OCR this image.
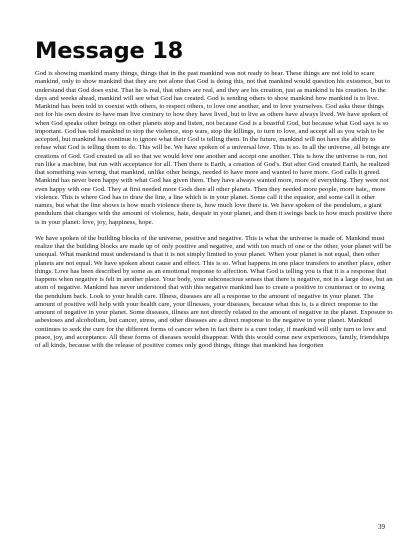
Message 18

God is showing mankind many things, things that in the past mankind was not ready to hear. These things are not told to scare mankind, only to show mankind that they are not alone that God is doing this, not that mankind would question his existence, but to understand that God does exist. That he is real, that others are real, and they are his creation, just as mankind is his creation. In the days and weeks ahead, mankind will see what God has created. God is sending others to show mankind how mankind is to live. Mankind has been told to coexist with others, to respect others, to love one another, and to love yourselves. God asks these things not for his own desire to have man live contrary to how they have lived, but to live as others have always lived. We have spoken of when God speaks other beings on other planets stop and listen, not because God is a boastful God, but because what God says is so important. God has told mankind to stop the violence, stop wars, stop the killings, to turn to love, and accept all as you wish to be accepted, but mankind has continue to ignore what their God is telling them. In the future, mankind will not have the ability to refuse what God is telling them to do. This will be. We have spoken of a universal love. This is so. In all the universe, all beings are creations of God. God created us all so that we would love one another and accept one another. This is how the universe is run, not run like a machine, but run with acceptance for all. Then there is Earth, a creation of God's. But after God created Earth, he realized that something was wrong, that mankind, unlike other beings, needed to have more and wanted to have more. God calls it greed. Mankind has never been happy with what God has given them. They have always wanted more, more of everything. They were not even happy with one God. They at first needed more Gods then all other planets. Then they needed more people, more hate,, more violence. This is where God has to draw the line, a line which is in your planet. Some call it the equator, and some call it other names, but what the line shows is how much violence there is, how much love there is. We have spoken of the pendulum, a giant pendulum that changes with the amount of violence, hate, despair in your planet, and then it swings back to how much positive there is in your planet: love, joy, happiness, hope.

We have spoken of the building blocks of the universe, positive and negative. This is what the universe is made of. Mankind must realize that the building blocks are made up of only positive and negative, and with too much of one or the other, your planet will be unequal. What mankind must understand is that it is not simply limited to your planet. When your planet is not equal, then other planets are not equal. We have spoken about cause and effect. This is so. What happens in one place transfers to another place, other things. Love has been described by some as an emotional response to affection. What God is telling you is that it is a response that happens when negative is felt in another place. Your body, your subconscious senses that there is negative, not in a large dose, but an atom of negative. Mankind has never understood that with this negative mankind has to create a positive to counteract or to swing the pendulum back. Look to your health care. Illness, diseases are all a response to the amount of negative in your planet. The amount of positive will help with your health care, your illnesses, your diseases, because what this is, is a direct response to the amount of negative in your planet. Some diseases, illness are not directly related to the amount of negative in the planet. Exposure to asbestoses and alcoholism, but cancer, stress, and other diseases are a direct response to the negative in your planet. Mankind continues to seek the cure for the different forms of cancer when in fact there is a cure today, if mankind will only turn to love and peace, joy, and acceptance. All these forms of diseases would disappear. With this would come new experiences, family, friendships of all kinds, because with the release of positive comes only good things, things that mankind has forgotten

39
